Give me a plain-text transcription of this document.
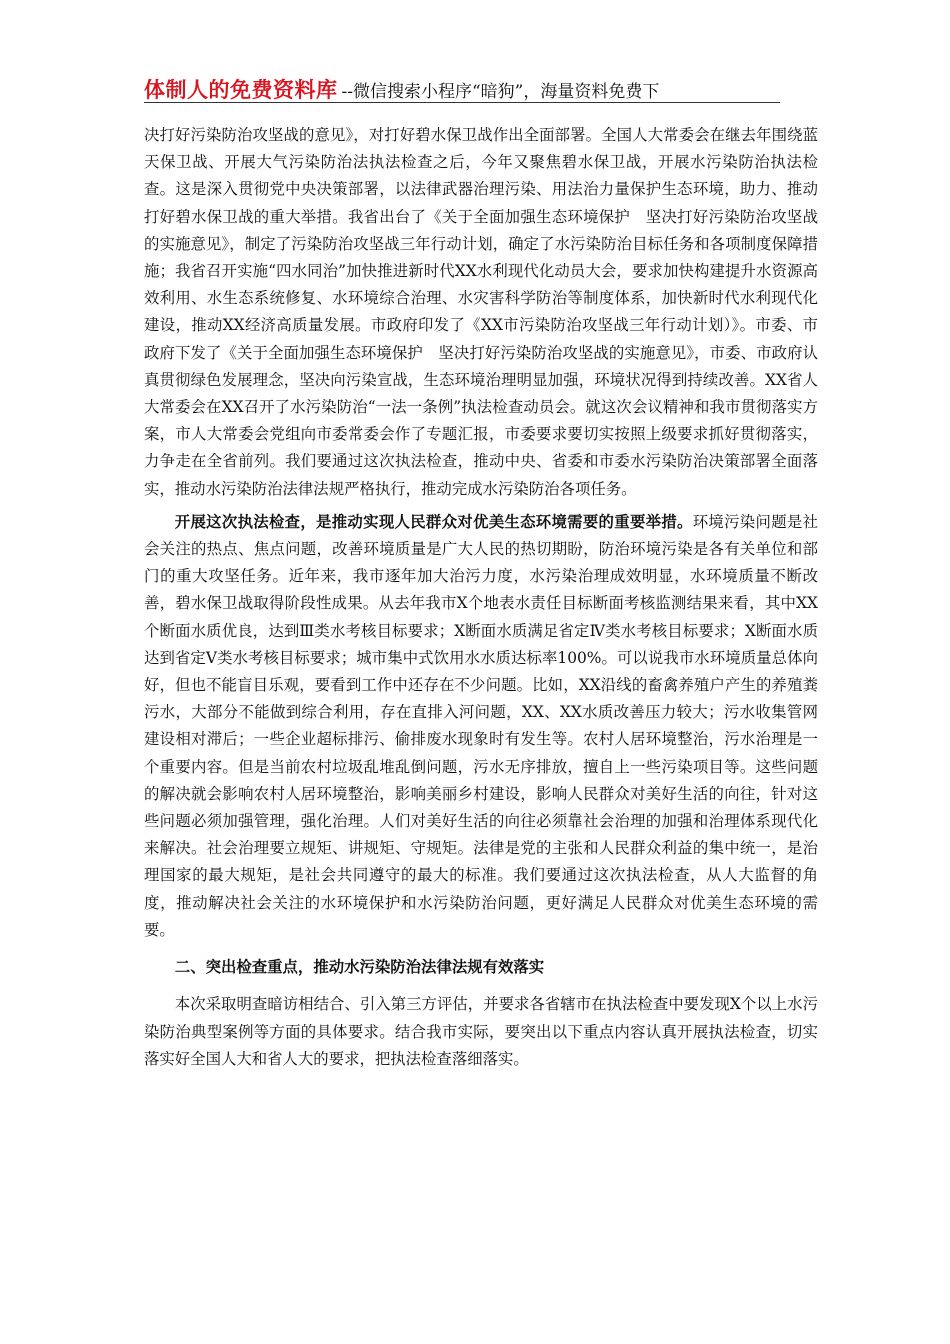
体制人的免费资料库 --微信搜索小程序“暗狗”，海量资料免费下

决打好污染防治攻坚战的意见》，对打好碧水保卫战作出全面部署。全国人大常委会在继去年围绕蓝天保卫战、开展大气污染防治法执法检查之后，今年又聚焦碧水保卫战，开展水污染防治执法检查。这是深入贯彻党中央决策部署，以法律武器治理污染、用法治力量保护生态环境，助力、推动打好碧水保卫战的重大举措。我省出台了《关于全面加强生态环境保护　坚决打好污染防治攻坚战的实施意见》，制定了污染防治攻坚战三年行动计划，确定了水污染防治目标任务和各项制度保障措施；我省召开实施“四水同治”加快推进新时代XX水利现代化动员大会，要求加快构建提升水资源高效利用、水生态系统修复、水环境综合治理、水灾害科学防治等制度体系，加快新时代水利现代化建设，推动XX经济高质量发展。市政府印发了《XX市污染防治攻坚战三年行动计划）》。市委、市政府下发了《关于全面加强生态环境保护　坚决打好污染防治攻坚战的实施意见》，市委、市政府认真贯彻绿色发展理念，坚决向污染宣战，生态环境治理明显加强，环境状况得到持续改善。XX省人大常委会在XX召开了水污染防治“一法一条例”执法检查动员会。就这次会议精神和我市贯彻落实方案，市人大常委会党组向市委常委会作了专题汇报，市委要求要切实按照上级要求抓好贯彻落实，力争走在全省前列。我们要通过这次执法检查，推动中央、省委和市委水污染防治决策部署全面落实，推动水污染防治法律法规严格执行，推动完成水污染防治各项任务。

开展这次执法检查，是推动实现人民群众对优美生态环境需要的重要举措。环境污染问题是社会关注的热点、焦点问题，改善环境质量是广大人民的热切期盼，防治环境污染是各有关单位和部门的重大攻坚任务。近年来，我市逐年加大治污力度，水污染治理成效明显，水环境质量不断改善，碧水保卫战取得阶段性成果。从去年我市X个地表水责任目标断面考核监测结果来看，其中XX个断面水质优良，达到Ⅲ类水考核目标要求；X断面水质满足省定Ⅳ类水考核目标要求；X断面水质达到省定Ⅴ类水考核目标要求；城市集中式饮用水水质达标率100%。可以说我市水环境质量总体向好，但也不能盲目乐观，要看到工作中还存在不少问题。比如，XX沿线的畜禽养殖户产生的养殖粪污水，大部分不能做到综合利用，存在直排入河问题，XX、XX水质改善压力较大；污水收集管网建设相对滞后；一些企业超标排污、偷排废水现象时有发生等。农村人居环境整治，污水治理是一个重要内容。但是当前农村垃圾乱堆乱倒问题，污水无序排放，擅自上一些污染项目等。这些问题的解决就会影响农村人居环境整治，影响美丽乡村建设，影响人民群众对美好生活的向往，针对这些问题必须加强管理，强化治理。人们对美好生活的向往必须靠社会治理的加强和治理体系现代化来解决。社会治理要立规矩、讲规矩、守规矩。法律是党的主张和人民群众利益的集中统一，是治理国家的最大规矩，是社会共同遵守的最大的标准。我们要通过这次执法检查，从人大监督的角度，推动解决社会关注的水环境保护和水污染防治问题，更好满足人民群众对优美生态环境的需要。

二、突出检查重点，推动水污染防治法律法规有效落实

本次采取明查暗访相结合、引入第三方评估，并要求各省辖市在执法检查中要发现X个以上水污染防治典型案例等方面的具体要求。结合我市实际，要突出以下重点内容认真开展执法检查，切实落实好全国人大和省人大的要求，把执法检查落细落实。
